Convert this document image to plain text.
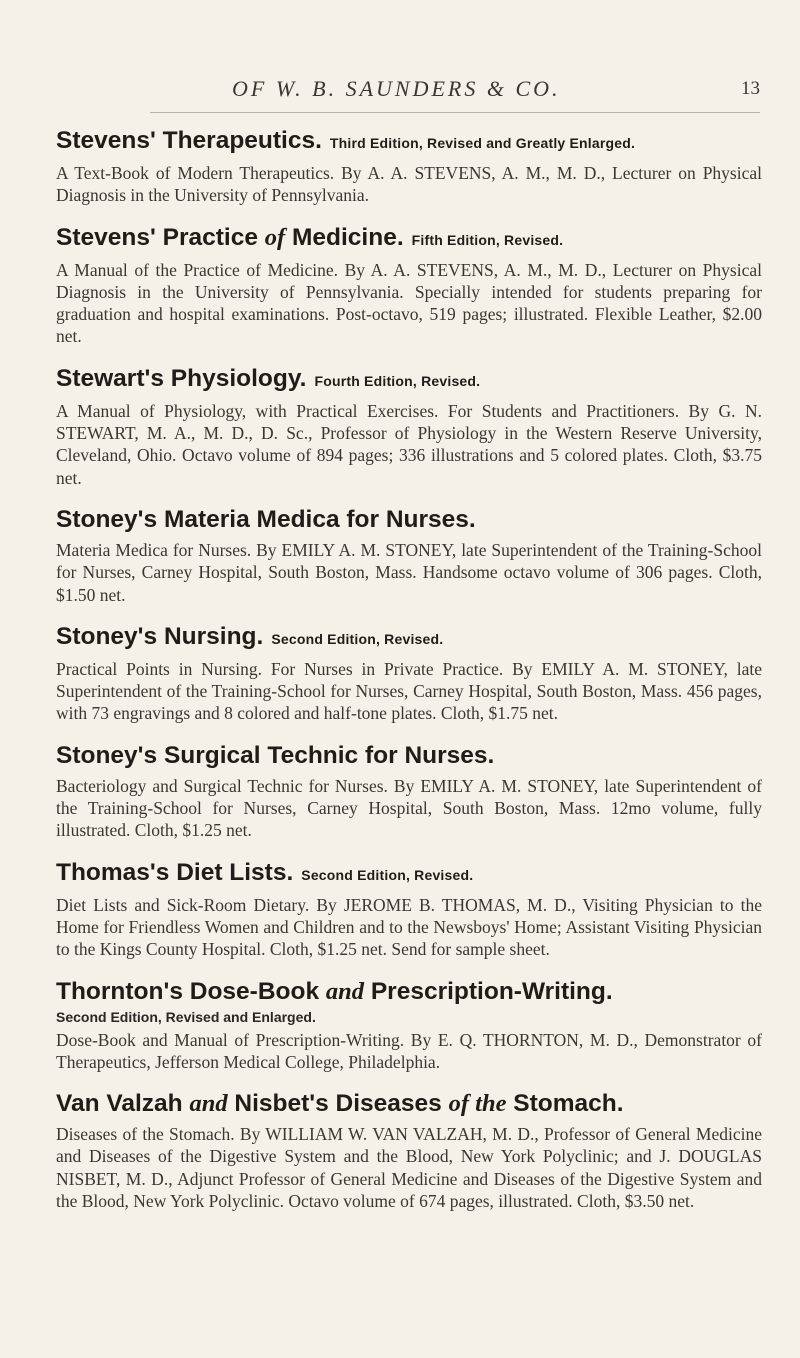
OF W. B. SAUNDERS & CO.	13
Stevens' Therapeutics. Third Edition, Revised and Greatly Enlarged.

A Text-Book of Modern Therapeutics. By A. A. STEVENS, A. M., M. D., Lecturer on Physical Diagnosis in the University of Pennsylvania.

Stevens' Practice of Medicine. Fifth Edition, Revised.

A Manual of the Practice of Medicine. By A. A. STEVENS, A. M., M. D., Lecturer on Physical Diagnosis in the University of Pennsylvania. Specially intended for students preparing for graduation and hospital examinations. Post-octavo, 519 pages; illustrated. Flexible Leather, $2.00 net.

Stewart's Physiology. Fourth Edition, Revised.

A Manual of Physiology, with Practical Exercises. For Students and Practitioners. By G. N. STEWART, M. A., M. D., D. Sc., Professor of Physiology in the Western Reserve University, Cleveland, Ohio. Octavo volume of 894 pages; 336 illustrations and 5 colored plates. Cloth, $3.75 net.

Stoney's Materia Medica for Nurses.

Materia Medica for Nurses. By EMILY A. M. STONEY, late Superintendent of the Training-School for Nurses, Carney Hospital, South Boston, Mass. Handsome octavo volume of 306 pages. Cloth, $1.50 net.

Stoney's Nursing. Second Edition, Revised.

Practical Points in Nursing. For Nurses in Private Practice. By EMILY A. M. STONEY, late Superintendent of the Training-School for Nurses, Carney Hospital, South Boston, Mass. 456 pages, with 73 engravings and 8 colored and half-tone plates. Cloth, $1.75 net.

Stoney's Surgical Technic for Nurses.

Bacteriology and Surgical Technic for Nurses. By EMILY A. M. STONEY, late Superintendent of the Training-School for Nurses, Carney Hospital, South Boston, Mass. 12mo volume, fully illustrated. Cloth, $1.25 net.

Thomas's Diet Lists. Second Edition, Revised.

Diet Lists and Sick-Room Dietary. By JEROME B. THOMAS, M. D., Visiting Physician to the Home for Friendless Women and Children and to the Newsboys' Home; Assistant Visiting Physician to the Kings County Hospital. Cloth, $1.25 net. Send for sample sheet.

Thornton's Dose-Book and Prescription-Writing.
Second Edition, Revised and Enlarged.

Dose-Book and Manual of Prescription-Writing. By E. Q. THORNTON, M. D., Demonstrator of Therapeutics, Jefferson Medical College, Philadelphia.

Van Valzah and Nisbet's Diseases of the Stomach.

Diseases of the Stomach. By WILLIAM W. VAN VALZAH, M. D., Professor of General Medicine and Diseases of the Digestive System and the Blood, New York Polyclinic; and J. DOUGLAS NISBET, M. D., Adjunct Professor of General Medicine and Diseases of the Digestive System and the Blood, New York Polyclinic. Octavo volume of 674 pages, illustrated. Cloth, $3.50 net.
